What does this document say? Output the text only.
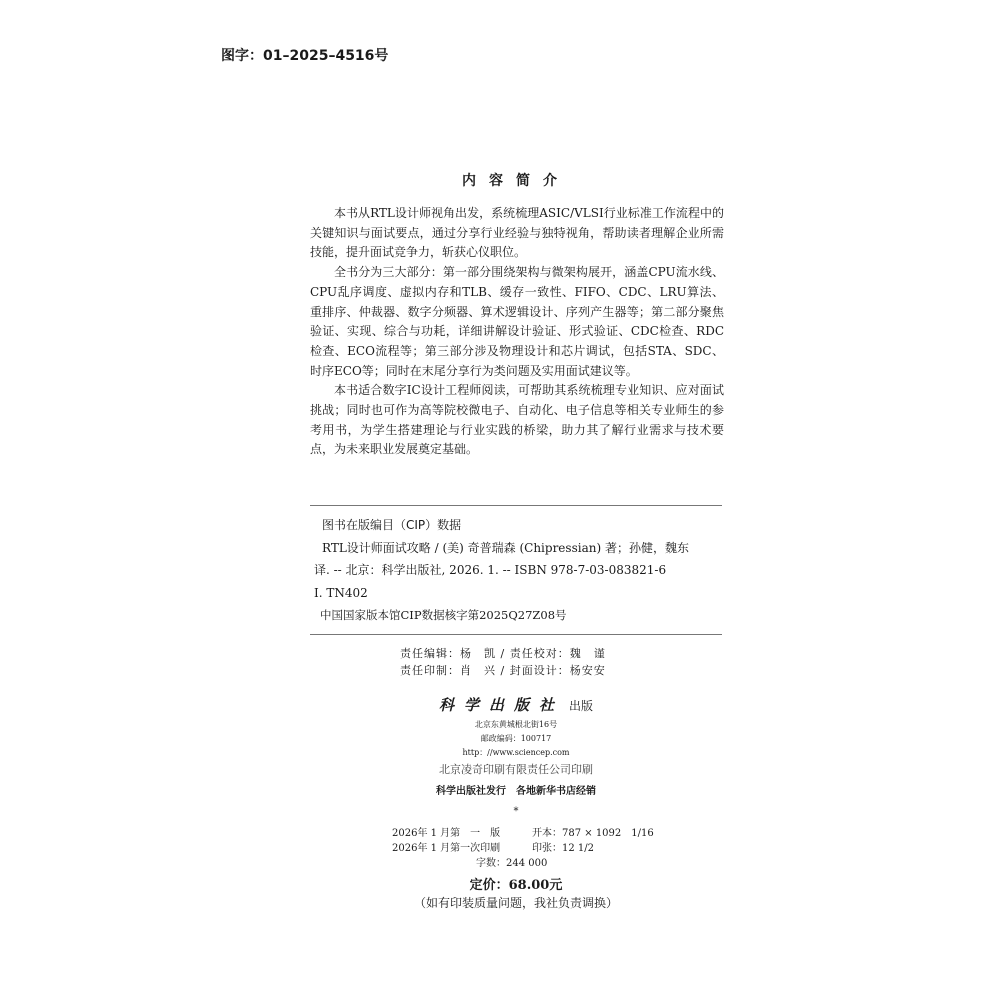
图字：01–2025–4516号
内容简介

本书从RTL设计师视角出发，系统梳理ASIC/VLSI行业标准工作流程中的关键知识与面试要点，通过分享行业经验与独特视角，帮助读者理解企业所需技能，提升面试竞争力，斩获心仪职位。

全书分为三大部分：第一部分围绕架构与微架构展开，涵盖CPU流水线、CPU乱序调度、虚拟内存和TLB、缓存一致性、FIFO、CDC、LRU算法、重排序、仲裁器、数字分频器、算术逻辑设计、序列产生器等；第二部分聚焦验证、实现、综合与功耗，详细讲解设计验证、形式验证、CDC检查、RDC检查、ECO流程等；第三部分涉及物理设计和芯片调试，包括STA、SDC、时序ECO等；同时在末尾分享行为类问题及实用面试建议等。

本书适合数字IC设计工程师阅读，可帮助其系统梳理专业知识、应对面试挑战；同时也可作为高等院校微电子、自动化、电子信息等相关专业师生的参考用书，为学生搭建理论与行业实践的桥梁，助力其了解行业需求与技术要点，为未来职业发展奠定基础。

图书在版编目（CIP）数据
RTL设计师面试攻略 / (美) 奇普瑞森 (Chipressian) 著；孙健，魏东
译. -- 北京：科学出版社, 2026. 1. -- ISBN 978-7-03-083821-6
Ⅰ. TN402
中国国家版本馆CIP数据核字第2025Q27Z08号
责任编辑：杨　凯 / 责任校对：魏　谨
责任印制：肖　兴 / 封面设计：杨安安
科学出版社 出版
北京东黄城根北街16号
邮政编码：100717
http：//www.sciencep.com
北京凌奇印刷有限责任公司印刷
科学出版社发行　各地新华书店经销
*
2026年 1 月第　一　版	开本：787 × 1092　1/16
2026年 1 月第一次印刷	印张：12 1/2
字数：244 000
定价：68.00元
（如有印装质量问题，我社负责调换）
